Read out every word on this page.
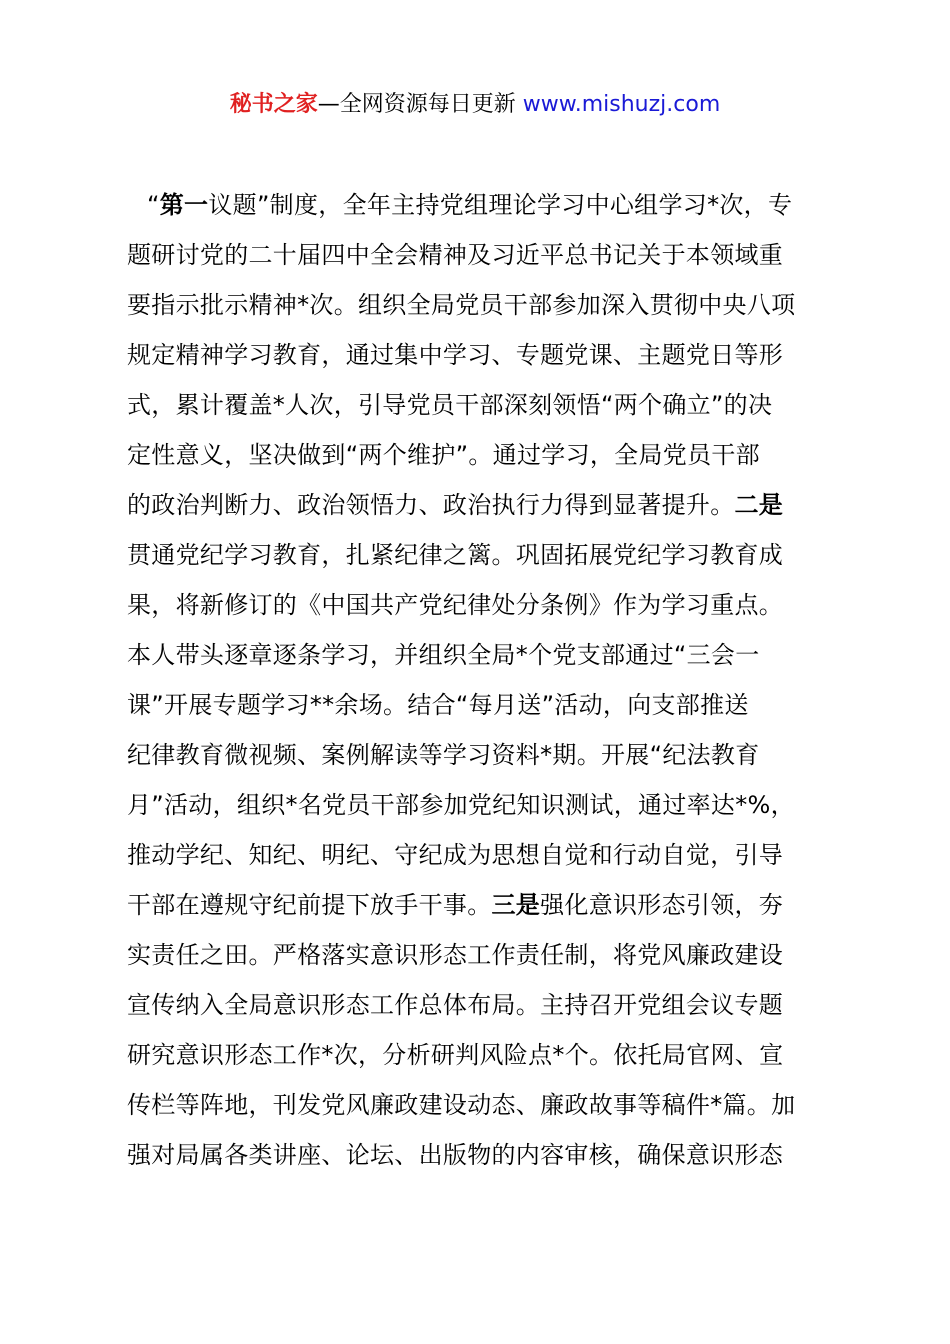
秘书之家—全网资源每日更新 www.mishuzj.com
“第一议题”制度，全年主持党组理论学习中心组学习*次，专
题研讨党的二十届四中全会精神及习近平总书记关于本领域重
要指示批示精神*次。组织全局党员干部参加深入贯彻中央八项
规定精神学习教育，通过集中学习、专题党课、主题党日等形
式，累计覆盖*人次，引导党员干部深刻领悟“两个确立”的决
定性意义，坚决做到“两个维护”。通过学习，全局党员干部
的政治判断力、政治领悟力、政治执行力得到显著提升。二是
贯通党纪学习教育，扎紧纪律之篱。巩固拓展党纪学习教育成
果，将新修订的《中国共产党纪律处分条例》作为学习重点。
本人带头逐章逐条学习，并组织全局*个党支部通过“三会一
课”开展专题学习**余场。结合“每月送”活动，向支部推送
纪律教育微视频、案例解读等学习资料*期。开展“纪法教育
月”活动，组织*名党员干部参加党纪知识测试，通过率达*%，
推动学纪、知纪、明纪、守纪成为思想自觉和行动自觉，引导
干部在遵规守纪前提下放手干事。三是强化意识形态引领，夯
实责任之田。严格落实意识形态工作责任制，将党风廉政建设
宣传纳入全局意识形态工作总体布局。主持召开党组会议专题
研究意识形态工作*次，分析研判风险点*个。依托局官网、宣
传栏等阵地，刊发党风廉政建设动态、廉政故事等稿件*篇。加
强对局属各类讲座、论坛、出版物的内容审核，确保意识形态
